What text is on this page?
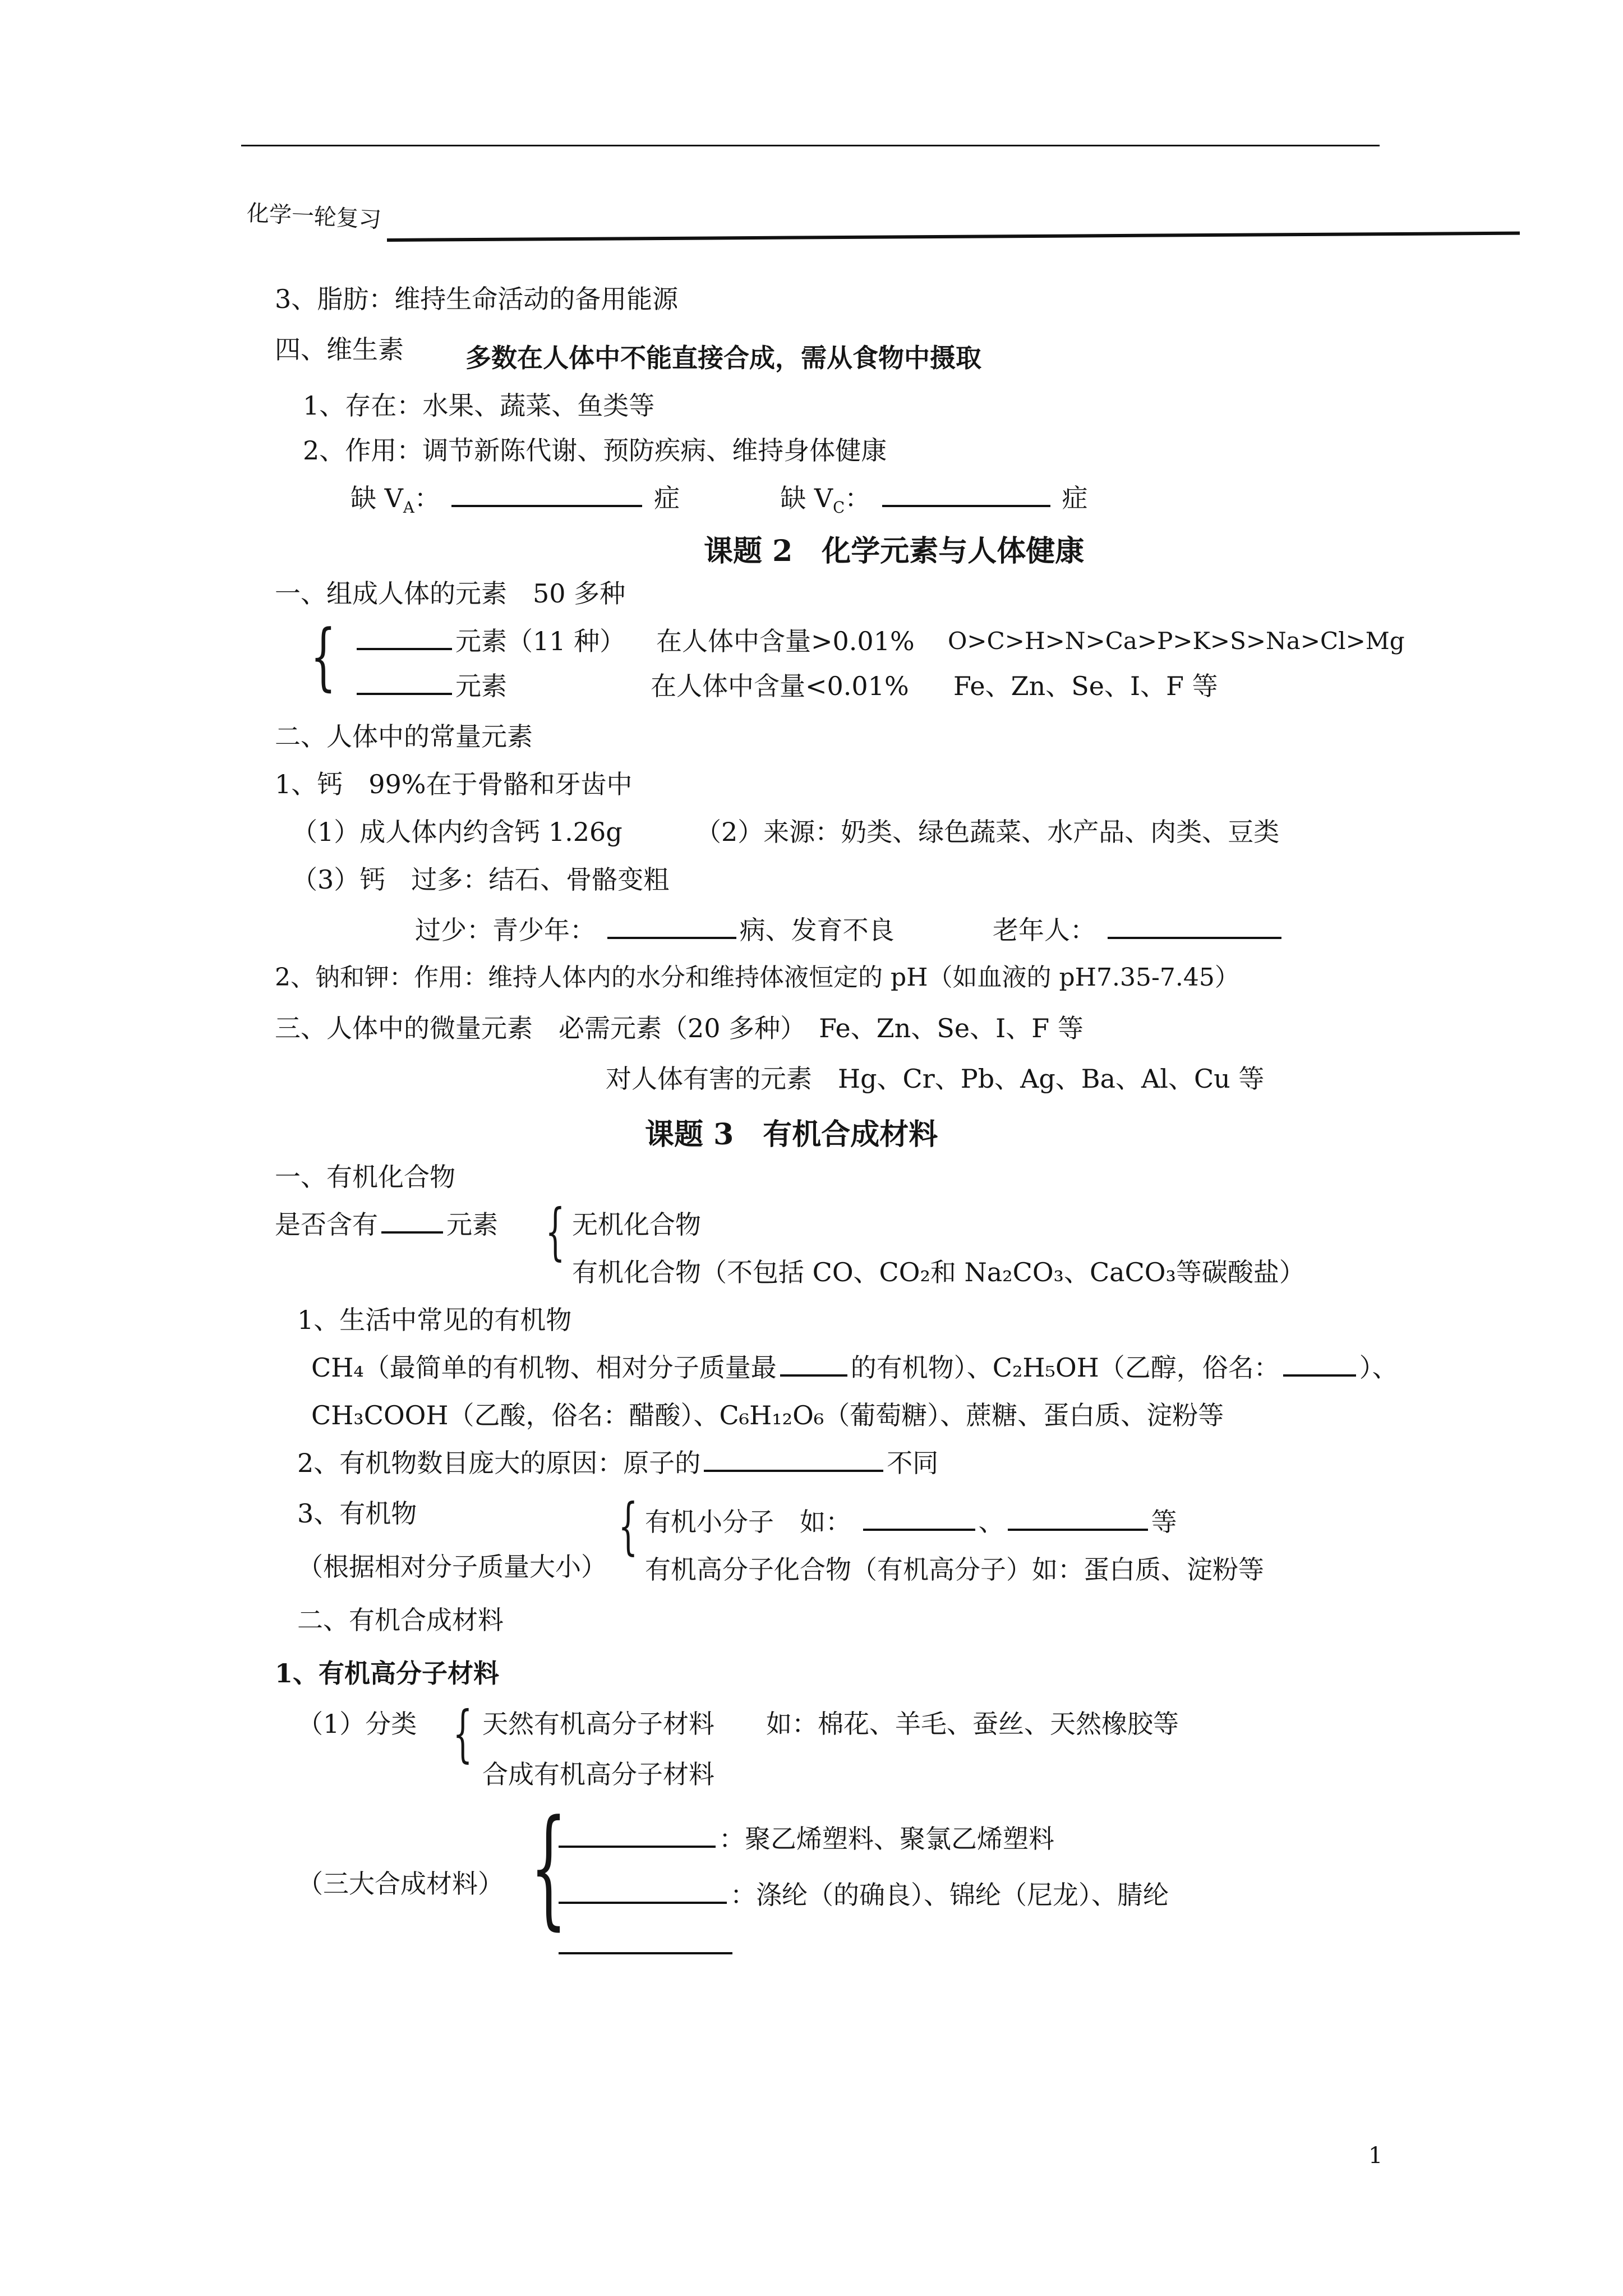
化学一轮复习
3、脂肪：维持生命活动的备用能源
四、维生素 多数在人体中不能直接合成，需从食物中摄取
1、存在：水果、蔬菜、鱼类等
2、作用：调节新陈代谢、预防疾病、维持身体健康
缺 $V_A$：	症	缺 $V_C$：	症
课题 2　化学元素与人体健康
一、组成人体的元素　50 多种
{	元素（11 种） 在人体中含量>0.01% O>C>H>N>Ca>P>K>S>Na>Cl>Mg
元素	在人体中含量<0.01% Fe、Zn、Se、I、F 等
二、人体中的常量元素
1、钙　99%在于骨骼和牙齿中
（1）成人体内约含钙 1.26g	（2）来源：奶类、绿色蔬菜、水产品、肉类、豆类
（3）钙　过多：结石、骨骼变粗
过少：青少年：	病、发育不良	老年人：
2、钠和钾：作用：维持人体内的水分和维持体液恒定的 pH（如血液的 pH7.35-7.45）
三、人体中的微量元素　必需元素（20 多种）　Fe、Zn、Se、I、F 等
对人体有害的元素　Hg、Cr、Pb、Ag、Ba、Al、Cu 等
课题 3　有机合成材料
一、有机化合物
是否含有	元素 { 无机化合物
有机化合物（不包括 CO、CO₂和 Na₂CO₃、CaCO₃等碳酸盐）
1、生活中常见的有机物
CH₄（最简单的有机物、相对分子质量最	的有机物）、C₂H₅OH（乙醇，俗名：	）、
CH₃COOH（乙酸，俗名：醋酸）、C₆H₁₂O₆（葡萄糖）、蔗糖、蛋白质、淀粉等
2、有机物数目庞大的原因：原子的	不同
3、有机物
（根据相对分子质量大小）
{ 有机小分子　如：	、	等
有机高分子化合物（有机高分子）如：蛋白质、淀粉等
二、有机合成材料
1、有机高分子材料
（1）分类 { 天然有机高分子材料　　如：棉花、羊毛、蚕丝、天然橡胶等
合成有机高分子材料
（三大合成材料） {	：聚乙烯塑料、聚氯乙烯塑料
：涤纶（的确良）、锦纶（尼龙）、腈纶
1
